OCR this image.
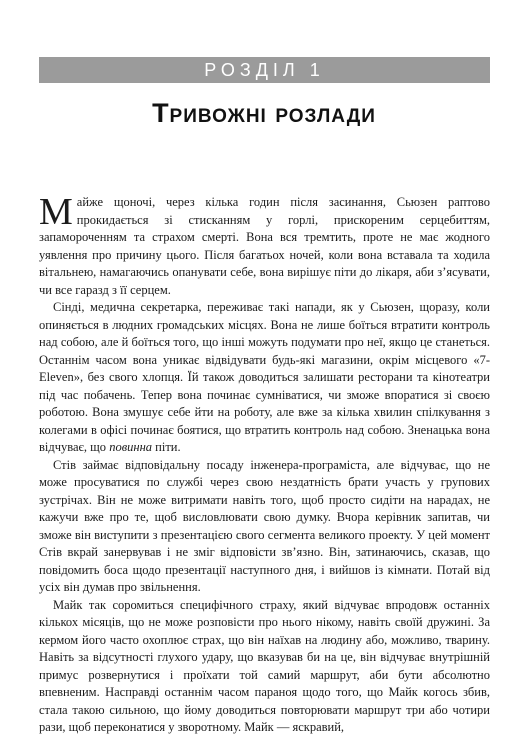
РОЗДІЛ 1
Тривожні розлади

Майже щоночі, через кілька годин після засинання, Сьюзен раптово прокидається зі стисканням у горлі, прискореним серцебиттям, запамороченням та страхом смерті. Вона вся тремтить, проте не має жодного уявлення про причину цього. Після багатьох ночей, коли вона вставала та ходила вітальнею, намагаючись опанувати себе, вона вирішує піти до лікаря, аби з’ясувати, чи все гаразд з її серцем.

Сінді, медична секретарка, переживає такі напади, як у Сьюзен, щоразу, коли опиняється в людних громадських місцях. Вона не лише боїться втратити контроль над собою, але й боїться того, що інші можуть подумати про неї, якщо це станеться. Останнім часом вона уникає відвідувати будь-які магазини, окрім місцевого «7-Eleven», без свого хлопця. Їй також доводиться залишати ресторани та кінотеатри під час побачень. Тепер вона починає сумніватися, чи зможе впоратися зі своєю роботою. Вона змушує себе йти на роботу, але вже за кілька хвилин спілкування з колегами в офісі починає боятися, що втратить контроль над собою. Зненацька вона відчуває, що повинна піти.

Стів займає відповідальну посаду інженера-програміста, але відчуває, що не може просуватися по службі через свою нездатність брати участь у групових зустрічах. Він не може витримати навіть того, щоб просто сидіти на нарадах, не кажучи вже про те, щоб висловлювати свою думку. Вчора керівник запитав, чи зможе він виступити з презентацією свого сегмента великого проекту. У цей момент Стів вкрай занервував і не зміг відповісти зв’язно. Він, затинаючись, сказав, що повідомить боса щодо презентації наступного дня, і вийшов із кімнати. Потай від усіх він думав про звільнення.

Майк так соромиться специфічного страху, який відчуває впродовж останніх кількох місяців, що не може розповісти про нього нікому, навіть своїй дружині. За кермом його часто охоплює страх, що він наїхав на людину або, можливо, тварину. Навіть за відсутності глухого удару, що вказував би на це, він відчуває внутрішній примус розвернутися і проїхати той самий маршрут, аби бути абсолютно впевненим. Насправді останнім часом параноя щодо того, що Майк когось збив, стала такою сильною, що йому доводиться повторювати маршрут три або чотири рази, щоб переконатися у зворотному. Майк — яскравий,
